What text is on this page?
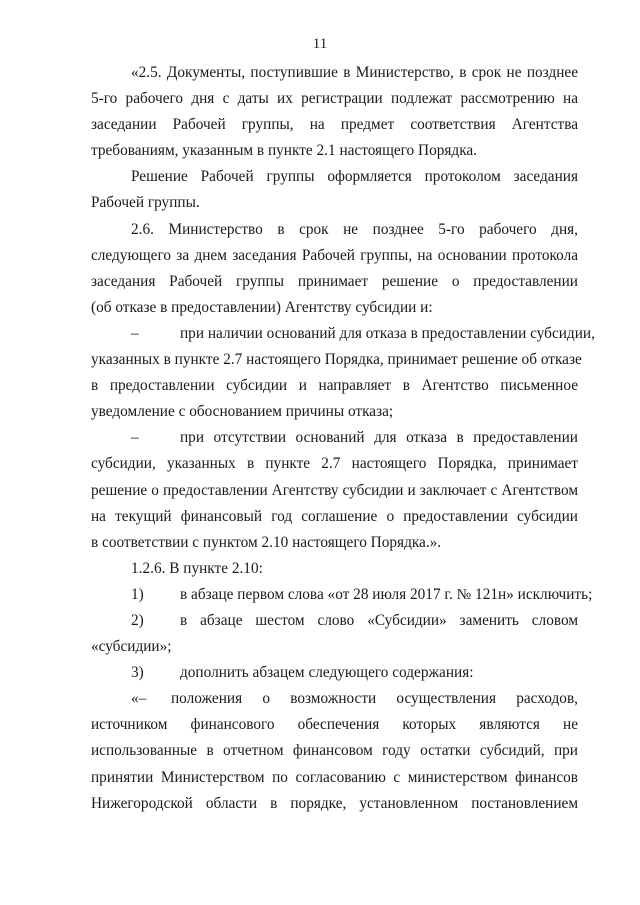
11
«2.5. Документы, поступившие в Министерство, в срок не позднее
5-го рабочего дня с даты их регистрации подлежат рассмотрению на
заседании Рабочей группы, на предмет соответствия Агентства
требованиям, указанным в пункте 2.1 настоящего Порядка.
Решение Рабочей группы оформляется протоколом заседания
Рабочей группы.
2.6. Министерство в срок не позднее 5-го рабочего дня,
следующего за днем заседания Рабочей группы, на основании протокола
заседания Рабочей группы принимает решение о предоставлении
(об отказе в предоставлении) Агентству субсидии и:
–	при наличии оснований для отказа в предоставлении субсидии,
указанных в пункте 2.7 настоящего Порядка, принимает решение об отказе
в предоставлении субсидии и направляет в Агентство письменное
уведомление с обоснованием причины отказа;
–	при отсутствии оснований для отказа в предоставлении
субсидии, указанных в пункте 2.7 настоящего Порядка, принимает
решение о предоставлении Агентству субсидии и заключает с Агентством
на текущий финансовый год соглашение о предоставлении субсидии
в соответствии с пунктом 2.10 настоящего Порядка.».
1.2.6. В пункте 2.10:
1)	в абзаце первом слова «от 28 июля 2017 г. № 121н» исключить;
2)	в абзаце шестом слово «Субсидии» заменить словом
«субсидии»;
3)	дополнить абзацем следующего содержания:
«–	положения о возможности осуществления расходов,
источником финансового обеспечения которых являются не
использованные в отчетном финансовом году остатки субсидий, при
принятии Министерством по согласованию с министерством финансов
Нижегородской области в порядке, установленном постановлением
